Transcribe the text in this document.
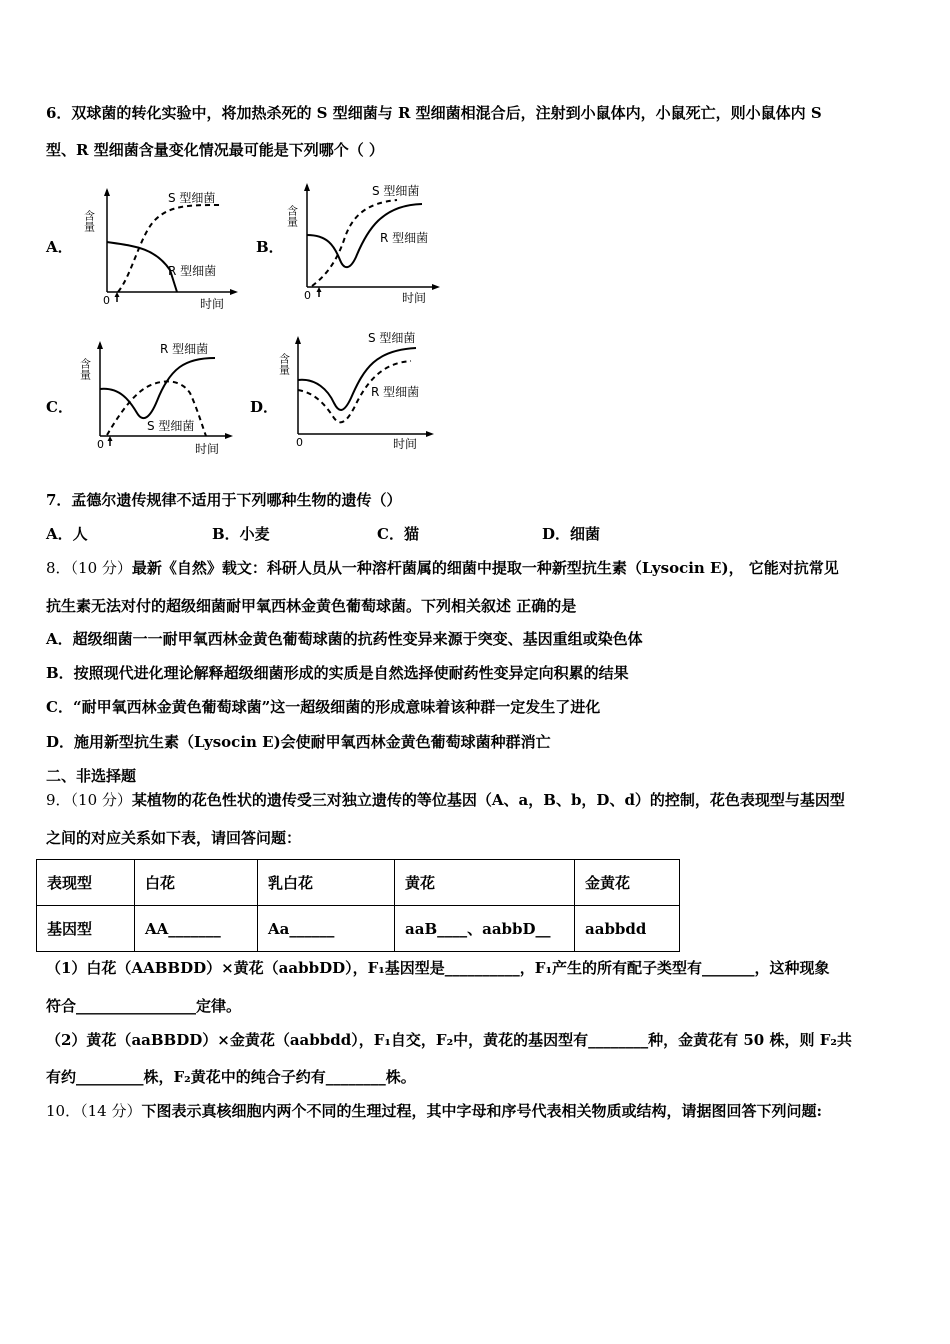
6．双球菌的转化实验中，将加热杀死的 S 型细菌与 R 型细菌相混合后，注射到小鼠体内，小鼠死亡，则小鼠体内 S
型、R 型细菌含量变化情况最可能是下列哪个（ ）
A．	B．
C．	D．
含量
0	时间
S 型细菌
R 型细菌
含量
0	时间
S 型细菌
R 型细菌
含量
0	时间
R 型细菌
S 型细菌
含量
0	时间
S 型细菌
R 型细菌
7．孟德尔遗传规律不适用于下列哪种生物的遗传（）
A．人	B．小麦	C．猫	D．细菌
8．（10 分）最新《自然》载文：科研人员从一种溶杆菌属的细菌中提取一种新型抗生素（Lysocin E)， 它能对抗常见
抗生素无法对付的超级细菌耐甲氧西林金黄色葡萄球菌。下列相关叙述 正确的是
A．超级细菌一一耐甲氧西林金黄色葡萄球菌的抗药性变异来源于突变、基因重组或染色体
B．按照现代进化理论解释超级细菌形成的实质是自然选择使耐药性变异定向积累的结果
C．“耐甲氧西林金黄色葡萄球菌”这一超级细菌的形成意味着该种群一定发生了进化
D．施用新型抗生素（Lysocin E)会使耐甲氧西林金黄色葡萄球菌种群消亡
二、非选择题
9．（10 分）某植物的花色性状的遗传受三对独立遗传的等位基因（A、a，B、b，D、d）的控制，花色表现型与基因型
之间的对应关系如下表，请回答问题：
表现型	白花	乳白花	黄花	金黄花
基因型	AA_______	Aa______	aaB____、aabbD__	aabbdd
（1）白花（AABBDD）×黄花（aabbDD），F₁基因型是__________，F₁产生的所有配子类型有_______，这种现象
符合________________定律。
（2）黄花（aaBBDD）×金黄花（aabbdd），F₁自交，F₂中，黄花的基因型有________种，金黄花有 50 株，则 F₂共
有约_________株，F₂黄花中的纯合子约有________株。
10．（14 分）下图表示真核细胞内两个不同的生理过程，其中字母和序号代表相关物质或结构，请据图回答下列问题:
